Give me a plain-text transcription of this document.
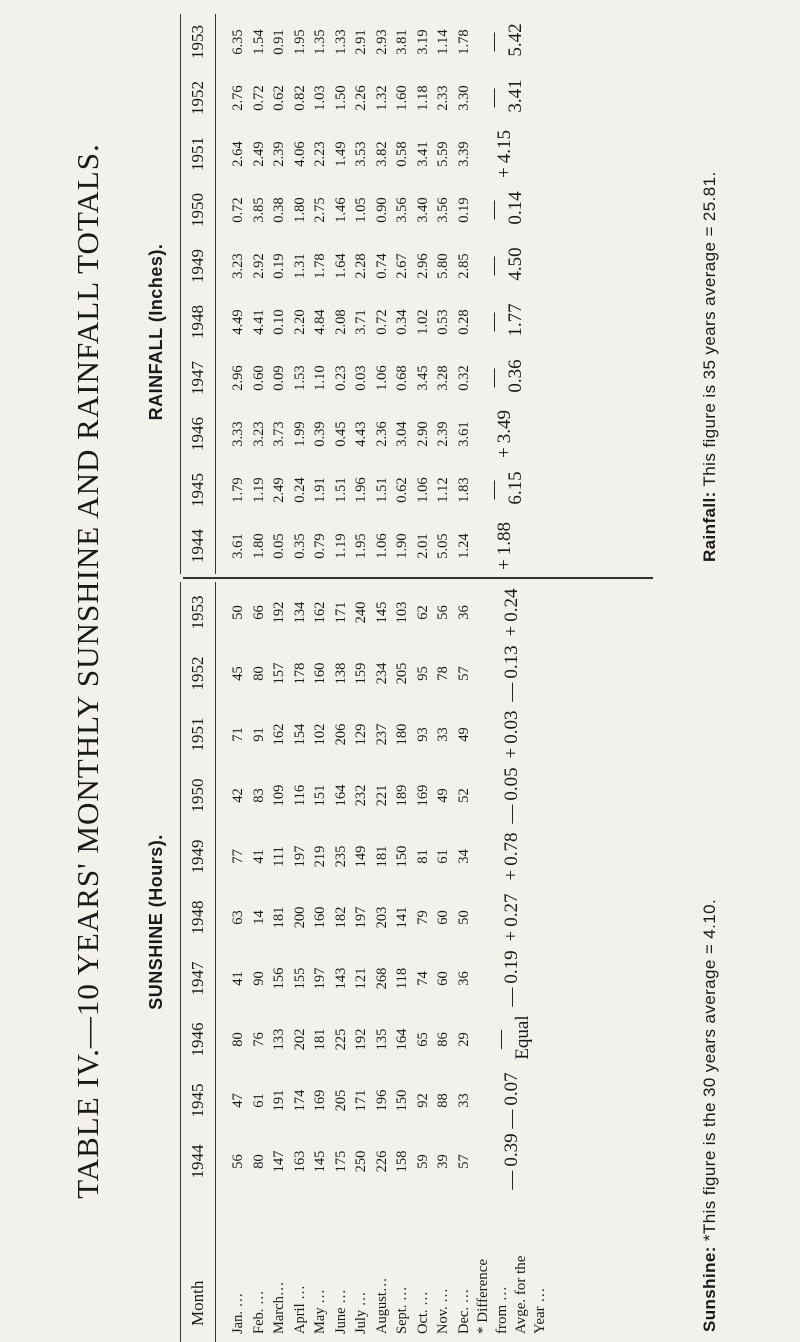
TABLE IV.—10 YEARS' MONTHLY SUNSHINE AND RAINFALL TOTALS. SUNSHINE (Hours).
RAINFALL (Inches).
Month	1944	1945	1946	1947	1948	1949	1950	1951	1952	1953
Jan. …	56	47	80	41	63	77	42	71	45	50
Feb. …	80	61	76	90	14	41	83	91	80	66
March…	147	191	133	156	181	111	109	162	157	192
April …	163	174	202	155	200	197	116	154	178	134
May …	145	169	181	197	160	219	151	102	160	162
June …	175	205	225	143	182	235	164	206	138	171
July …	250	171	192	121	197	149	232	129	159	240
August…	226	196	135	268	203	181	221	237	234	145
Sept. …	158	150	164	118	141	150	189	180	205	103
Oct. …	59	92	65	74	79	81	169	93	95	62
Nov. …	39	88	86	60	60	61	49	33	78	56
Dec. …	57	33	29	36	50	34	52	49	57	36

* Difference from … Avge. for the Year …	—0.39	—0.07	—Equal	—0.19	+0.27	+0.78	—0.05	+0.03	—0.13	+0.24
1944	1945	1946	1947	1948	1949	1950	1951	1952	1953
3.61	1.79	3.33	2.96	4.49	3.23	0.72	2.64	2.76	6.35
1.80	1.19	3.23	0.60	4.41	2.92	3.85	2.49	0.72	1.54
0.05	2.49	3.73	0.09	0.10	0.19	0.38	2.39	0.62	0.91
0.35	0.24	1.99	1.53	2.20	1.31	1.80	4.06	0.82	1.95
0.79	1.91	0.39	1.10	4.84	1.78	2.75	2.23	1.03	1.35
1.19	1.51	0.45	0.23	2.08	1.64	1.46	1.49	1.50	1.33
1.95	1.96	4.43	0.03	3.71	2.28	1.05	3.53	2.26	2.91
1.06	1.51	2.36	1.06	0.72	0.74	0.90	3.82	1.32	2.93
1.90	0.62	3.04	0.68	0.34	2.67	3.56	0.58	1.60	3.81
2.01	1.06	2.90	3.45	1.02	2.96	3.40	3.41	1.18	3.19
5.05	1.12	2.39	3.28	0.53	5.80	3.56	5.59	2.33	1.14
1.24	1.83	3.61	0.32	0.28	2.85	0.19	3.39	3.30	1.78
+1.88	—6.15	+3.49	—0.36	—1.77	—4.50	—0.14	+4.15	—3.41	—5.42
Sunshine: *This figure is the 30 years average = 4.10.
Rainfall: This figure is 35 years average = 25.81.
